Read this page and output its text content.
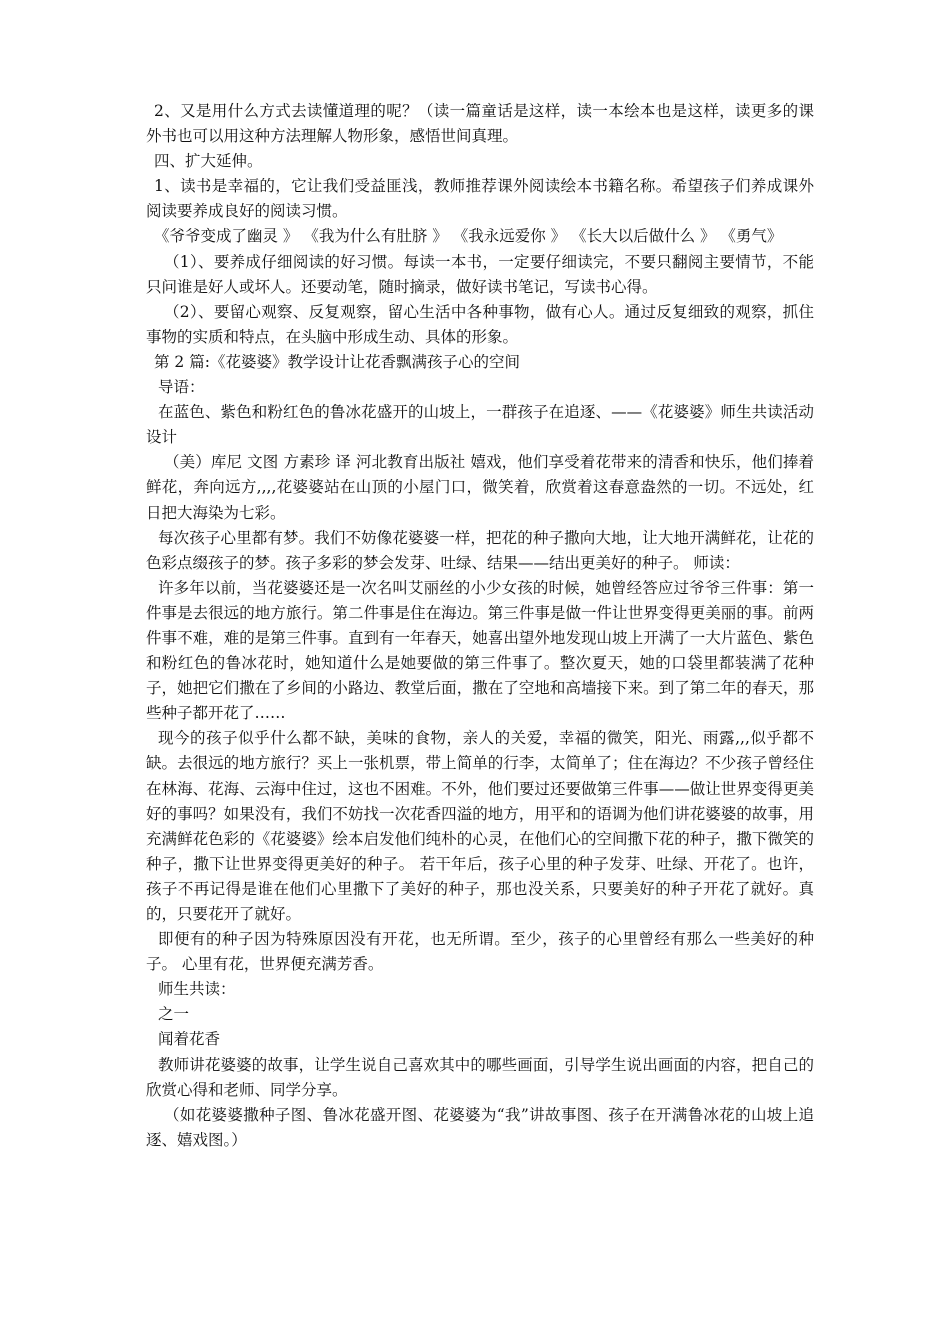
2、又是用什么方式去读懂道理的呢？（读一篇童话是这样，读一本绘本也是这样，读更多的课外书也可以用这种方法理解人物形象，感悟世间真理。

四、扩大延伸。

1、读书是幸福的，它让我们受益匪浅，教师推荐课外阅读绘本书籍名称。希望孩子们养成课外阅读要养成良好的阅读习惯。

《爷爷变成了幽灵 》 《我为什么有肚脐 》 《我永远爱你 》 《长大以后做什么 》 《勇气》

（1）、要养成仔细阅读的好习惯。每读一本书，一定要仔细读完，不要只翻阅主要情节，不能只问谁是好人或坏人。还要动笔，随时摘录，做好读书笔记，写读书心得。

（2）、要留心观察、反复观察，留心生活中各种事物，做有心人。通过反复细致的观察，抓住事物的实质和特点，在头脑中形成生动、具体的形象。

第 2 篇:《花婆婆》教学设计让花香飘满孩子心的空间

导语：

在蓝色、紫色和粉红色的鲁冰花盛开的山坡上，一群孩子在追逐、——《花婆婆》师生共读活动设计

（美）库尼 文图 方素珍 译 河北教育出版社 嬉戏，他们享受着花带来的清香和快乐，他们捧着鲜花，奔向远方,,,,花婆婆站在山顶的小屋门口，微笑着，欣赏着这春意盎然的一切。不远处，红日把大海染为七彩。

每次孩子心里都有梦。我们不妨像花婆婆一样，把花的种子撒向大地，让大地开满鲜花，让花的色彩点缀孩子的梦。孩子多彩的梦会发芽、吐绿、结果——结出更美好的种子。 师读：

许多年以前，当花婆婆还是一次名叫艾丽丝的小少女孩的时候，她曾经答应过爷爷三件事：第一件事是去很远的地方旅行。第二件事是住在海边。第三件事是做一件让世界变得更美丽的事。前两件事不难，难的是第三件事。直到有一年春天，她喜出望外地发现山坡上开满了一大片蓝色、紫色和粉红色的鲁冰花时，她知道什么是她要做的第三件事了。整次夏天，她的口袋里都装满了花种子，她把它们撒在了乡间的小路边、教堂后面，撒在了空地和高墙接下来。到了第二年的春天，那些种子都开花了……

现今的孩子似乎什么都不缺，美味的食物，亲人的关爱，幸福的微笑，阳光、雨露,,,似乎都不缺。去很远的地方旅行？买上一张机票，带上简单的行李，太简单了；住在海边？不少孩子曾经住在林海、花海、云海中住过，这也不困难。不外，他们要过还要做第三件事——做让世界变得更美好的事吗？如果没有，我们不妨找一次花香四溢的地方，用平和的语调为他们讲花婆婆的故事，用充满鲜花色彩的《花婆婆》绘本启发他们纯朴的心灵，在他们心的空间撒下花的种子，撒下微笑的种子，撒下让世界变得更美好的种子。 若干年后，孩子心里的种子发芽、吐绿、开花了。也许，孩子不再记得是谁在他们心里撒下了美好的种子，那也没关系，只要美好的种子开花了就好。真的，只要花开了就好。

即便有的种子因为特殊原因没有开花，也无所谓。至少，孩子的心里曾经有那么一些美好的种子。 心里有花，世界便充满芳香。

师生共读：

之一

闻着花香

教师讲花婆婆的故事，让学生说自己喜欢其中的哪些画面，引导学生说出画面的内容，把自己的欣赏心得和老师、同学分享。

（如花婆婆撒种子图、鲁冰花盛开图、花婆婆为“我”讲故事图、孩子在开满鲁冰花的山坡上追逐、嬉戏图。）
